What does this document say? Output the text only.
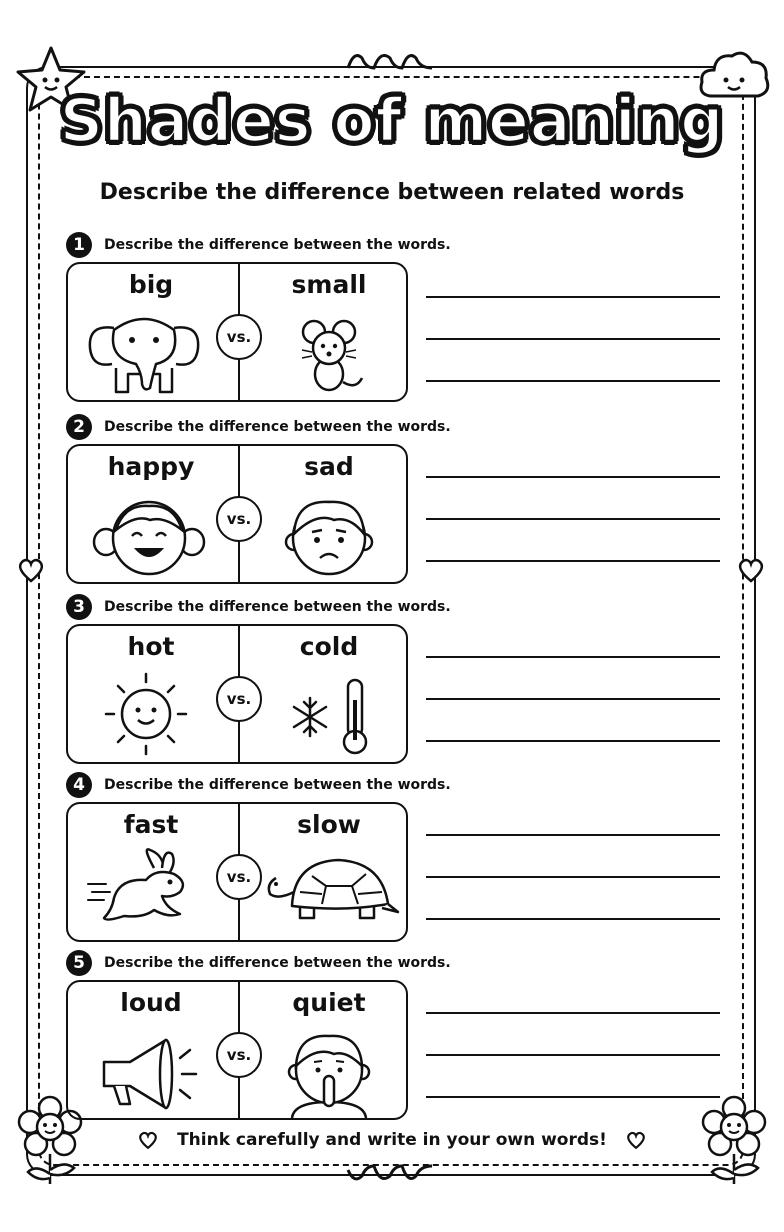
Shades of meaning
Describe the difference between related words
1	Describe the difference between the words.
big	small
vs.
2	Describe the difference between the words.
happy	sad
vs.
3	Describe the difference between the words.
hot	cold
vs.
4	Describe the difference between the words.
fast	slow
vs.
5	Describe the difference between the words.
loud	quiet
vs.
Think carefully and write in your own words!
